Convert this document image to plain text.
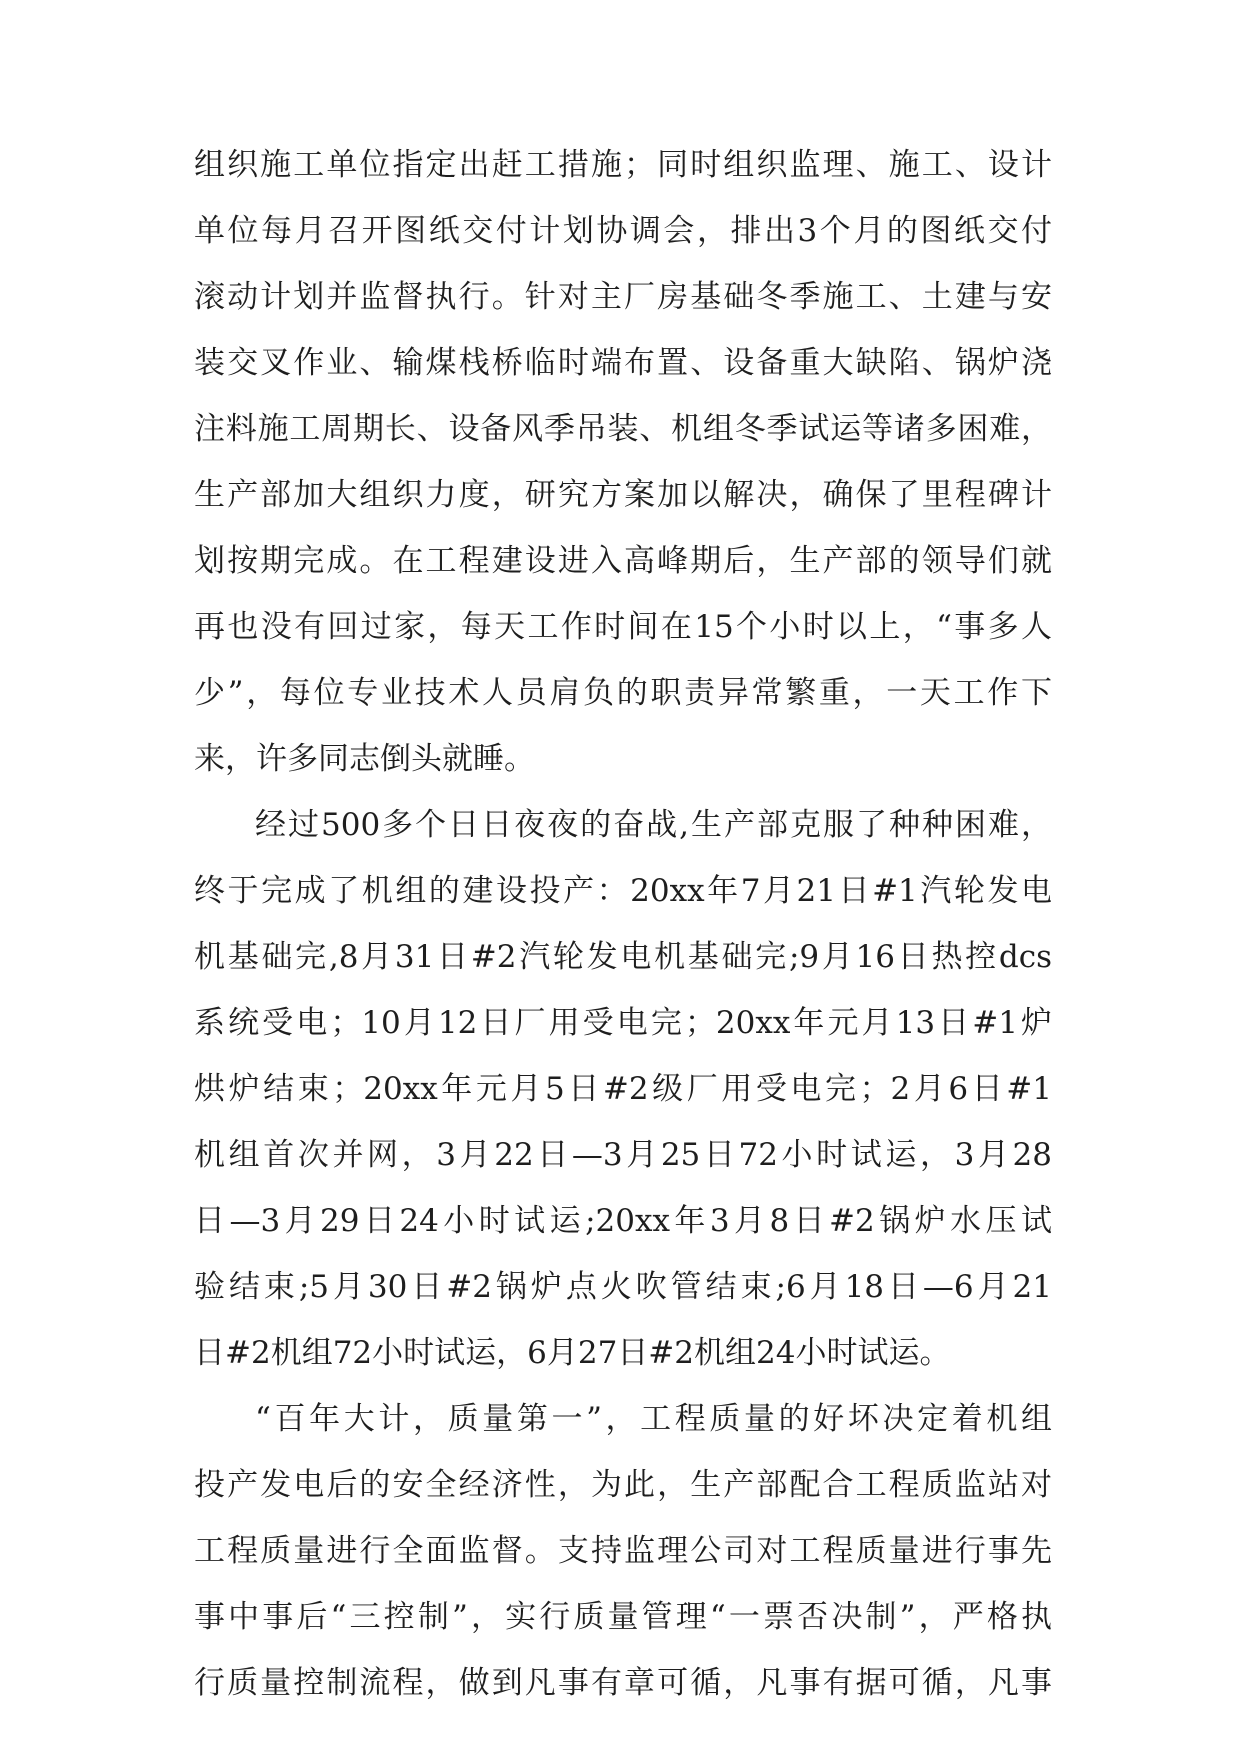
组织施工单位指定出赶工措施；同时组织监理、施工、设计

单位每月召开图纸交付计划协调会，排出3个月的图纸交付

滚动计划并监督执行。针对主厂房基础冬季施工、土建与安

装交叉作业、输煤栈桥临时端布置、设备重大缺陷、锅炉浇

注料施工周期长、设备风季吊装、机组冬季试运等诸多困难，

生产部加大组织力度，研究方案加以解决，确保了里程碑计

划按期完成。在工程建设进入高峰期后，生产部的领导们就

再也没有回过家，每天工作时间在15个小时以上，“事多人

少”，每位专业技术人员肩负的职责异常繁重，一天工作下

来，许多同志倒头就睡。

经过500多个日日夜夜的奋战,生产部克服了种种困难，

终于完成了机组的建设投产：20xx年7月21日#1汽轮发电

机基础完,8月31日#2汽轮发电机基础完;9月16日热控dcs

系统受电；10月12日厂用受电完；20xx年元月13日#1炉

烘炉结束；20xx年元月5日#2级厂用受电完；2月6日#1

机组首次并网，3月22日—3月25日72小时试运，3月28

日—3月29日24小时试运;20xx年3月8日#2锅炉水压试

验结束;5月30日#2锅炉点火吹管结束;6月18日—6月21

日#2机组72小时试运，6月27日#2机组24小时试运。

“百年大计，质量第一”，工程质量的好坏决定着机组

投产发电后的安全经济性，为此，生产部配合工程质监站对

工程质量进行全面监督。支持监理公司对工程质量进行事先

事中事后“三控制”，实行质量管理“一票否决制”，严格执

行质量控制流程，做到凡事有章可循，凡事有据可循，凡事
